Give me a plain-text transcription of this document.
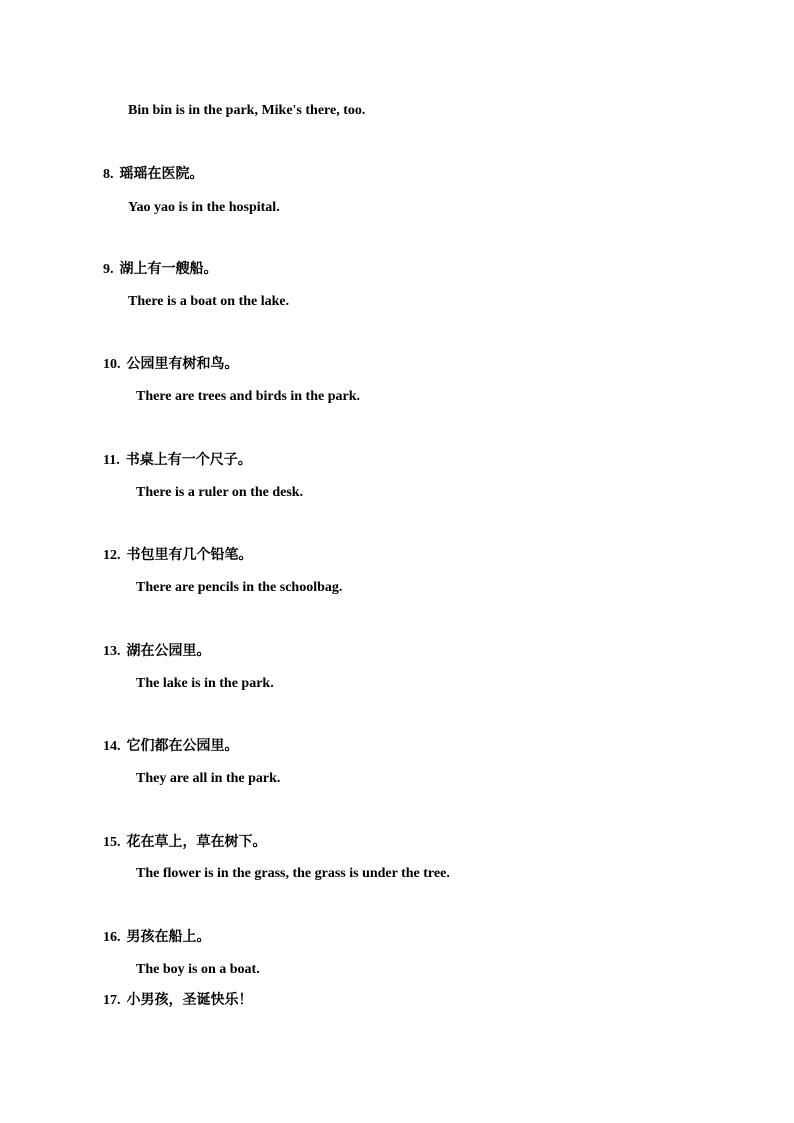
Bin bin is in the park, Mike's there, too.
8. 瑶瑶在医院。
Yao yao is in the hospital.
9. 湖上有一艘船。
There is a boat on the lake.
10. 公园里有树和鸟。
There are trees and birds in the park.
11. 书桌上有一个尺子。
There is a ruler on the desk.
12. 书包里有几个铅笔。
There are pencils in the schoolbag.
13. 湖在公园里。
The lake is in the park.
14. 它们都在公园里。
They are all in the park.
15. 花在草上，草在树下。
The flower is in the grass, the grass is under the tree.
16. 男孩在船上。
The boy is on a boat.
17. 小男孩，圣诞快乐！
